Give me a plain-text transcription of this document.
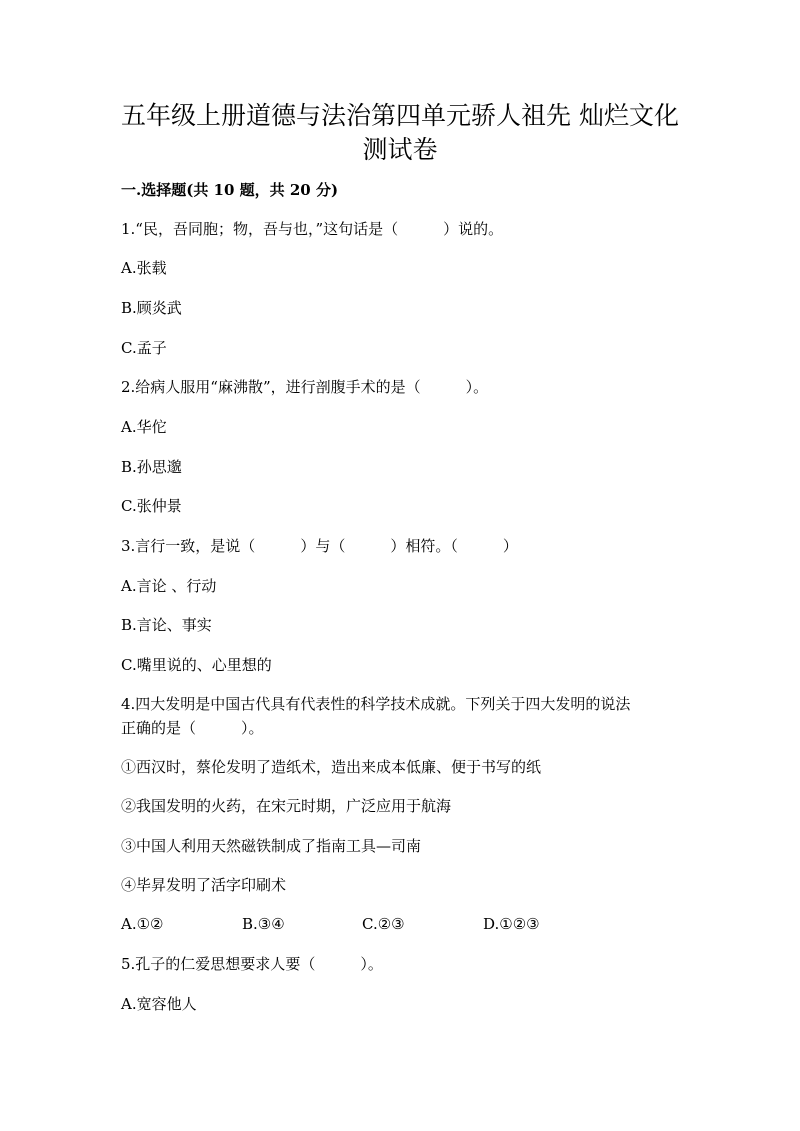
五年级上册道德与法治第四单元骄人祖先 灿烂文化
测试卷
一.选择题(共 10 题，共 20 分)
1.“民，吾同胞；物，吾与也，”这句话是（　　　）说的。
A.张载
B.顾炎武
C.孟子
2.给病人服用“麻沸散”，进行剖腹手术的是（　　　）。
A.华佗
B.孙思邈
C.张仲景
3.言行一致，是说（　　　）与（　　　）相符。（　　　）
A.言论 、行动
B.言论、事实
C.嘴里说的、心里想的
4.四大发明是中国古代具有代表性的科学技术成就。下列关于四大发明的说法
正确的是（　　　）。
①西汉时，蔡伦发明了造纸术，造出来成本低廉、便于书写的纸
②我国发明的火药，在宋元时期，广泛应用于航海
③中国人利用天然磁铁制成了指南工具—司南
④毕昇发明了活字印刷术
A.①②	B.③④	C.②③	D.①②③
5.孔子的仁爱思想要求人要（　　　）。
A.宽容他人
